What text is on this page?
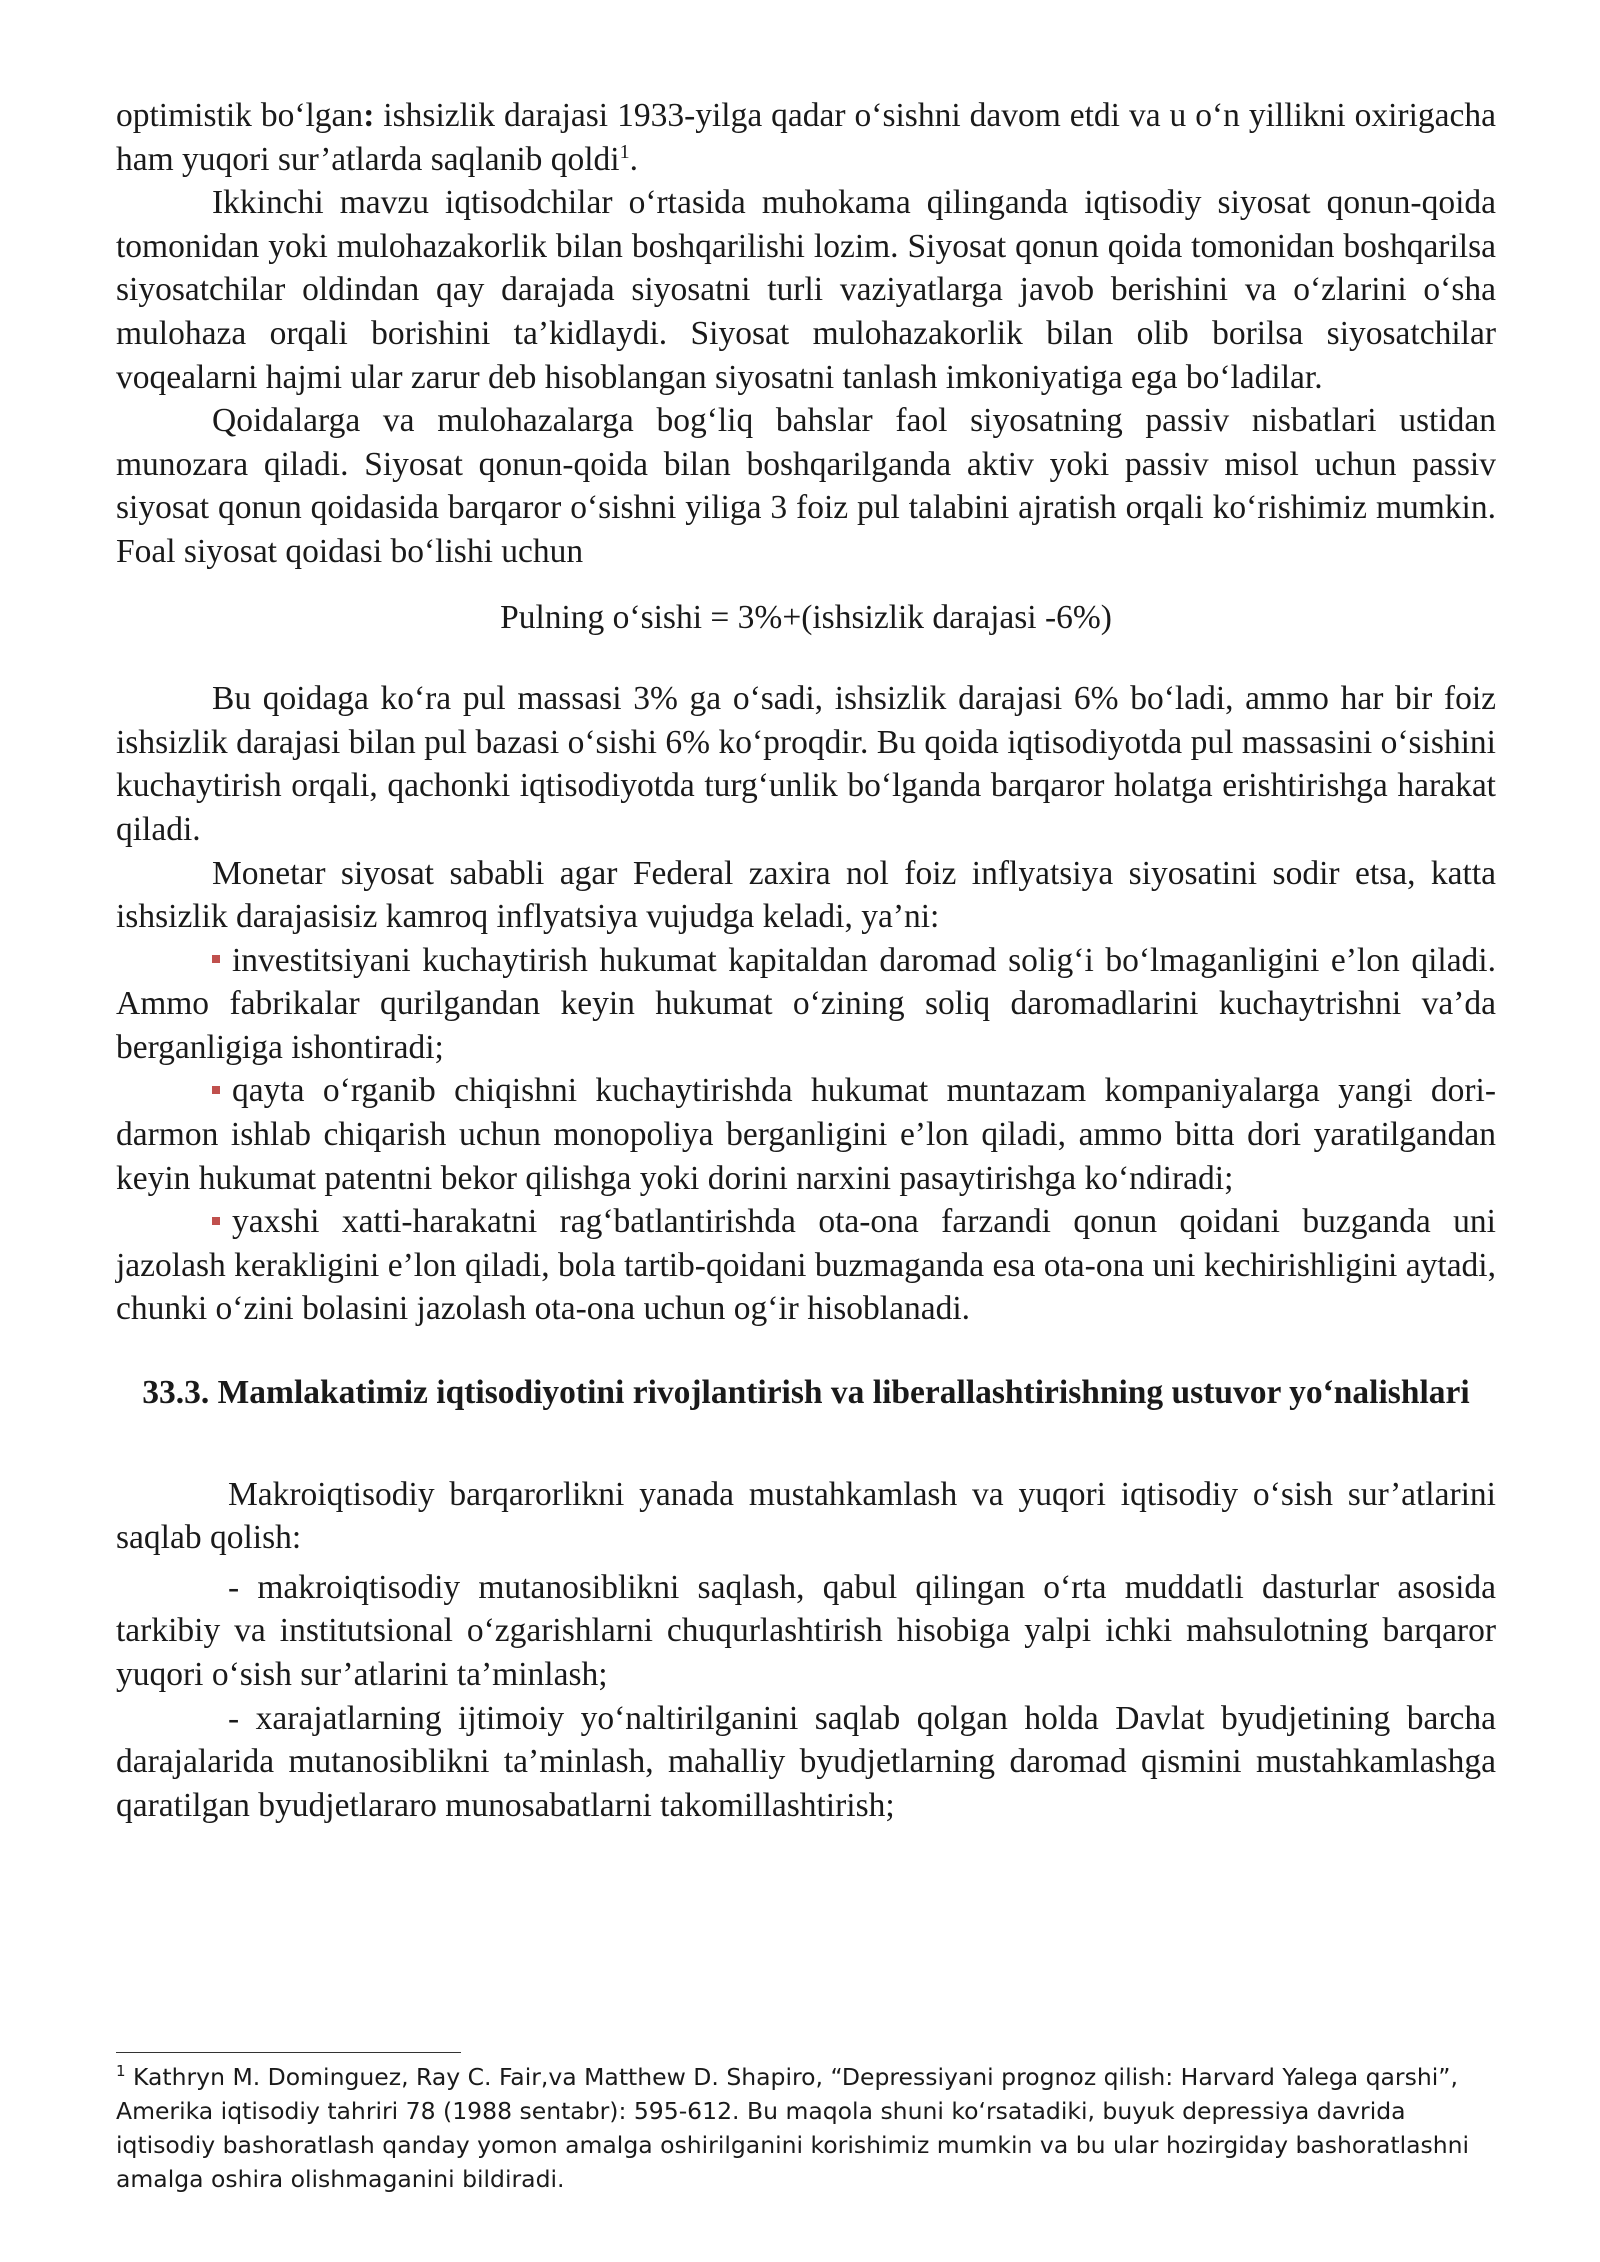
optimistik bo‘lgan: ishsizlik darajasi 1933-yilga qadar o‘sishni davom etdi va u o‘n yillikni oxirigacha ham yuqori sur’atlarda saqlanib qoldi$^1$.

Ikkinchi mavzu iqtisodchilar o‘rtasida muhokama qilinganda iqtisodiy siyosat qonun-qoida tomonidan yoki mulohazakorlik bilan boshqarilishi lozim. Siyosat qonun qoida tomonidan boshqarilsa siyosatchilar oldindan qay darajada siyosatni turli vaziyatlarga javob berishini va o‘zlarini o‘sha mulohaza orqali borishini ta’kidlaydi. Siyosat mulohazakorlik bilan olib borilsa siyosatchilar voqealarni hajmi ular zarur deb hisoblangan siyosatni tanlash imkoniyatiga ega bo‘ladilar.

Qoidalarga va mulohazalarga bog‘liq bahslar faol siyosatning passiv nisbatlari ustidan munozara qiladi. Siyosat qonun-qoida bilan boshqarilganda aktiv yoki passiv misol uchun passiv siyosat qonun qoidasida barqaror o‘sishni yiliga 3 foiz pul talabini ajratish orqali ko‘rishimiz mumkin. Foal siyosat qoidasi bo‘lishi uchun

Pulning o‘sishi = 3%+(ishsizlik darajasi -6%)

Bu qoidaga ko‘ra pul massasi 3% ga o‘sadi, ishsizlik darajasi 6% bo‘ladi, ammo har bir foiz ishsizlik darajasi bilan pul bazasi o‘sishi 6% ko‘proqdir. Bu qoida iqtisodiyotda pul massasini o‘sishini kuchaytirish orqali, qachonki iqtisodiyotda turg‘unlik bo‘lganda barqaror holatga erishtirishga harakat qiladi.

Monetar siyosat sababli agar Federal zaxira nol foiz inflyatsiya siyosatini sodir etsa, katta ishsizlik darajasisiz kamroq inflyatsiya vujudga keladi, ya’ni:

investitsiyani kuchaytirish hukumat kapitaldan daromad solig‘i bo‘lmaganligini e’lon qiladi. Ammo fabrikalar qurilgandan keyin hukumat o‘zining soliq daromadlarini kuchaytrishni va’da berganligiga ishontiradi;

qayta o‘rganib chiqishni kuchaytirishda hukumat muntazam kompaniyalarga yangi dori-darmon ishlab chiqarish uchun monopoliya berganligini e’lon qiladi, ammo bitta dori yaratilgandan keyin hukumat patentni bekor qilishga yoki dorini narxini pasaytirishga ko‘ndiradi;

yaxshi xatti-harakatni rag‘batlantirishda ota-ona farzandi qonun qoidani buzganda uni jazolash kerakligini e’lon qiladi, bola tartib-qoidani buzmaganda esa ota-ona uni kechirishligini aytadi, chunki o‘zini bolasini jazolash ota-ona uchun og‘ir hisoblanadi.

33.3. Mamlakatimiz iqtisodiyotini rivojlantirish va liberallashtirishning ustuvor yo‘nalishlari

Makroiqtisodiy barqarorlikni yanada mustahkamlash va yuqori iqtisodiy o‘sish sur’atlarini saqlab qolish:

- makroiqtisodiy mutanosiblikni saqlash, qabul qilingan o‘rta muddatli dasturlar asosida tarkibiy va institutsional o‘zgarishlarni chuqurlashtirish hisobiga yalpi ichki mahsulotning barqaror yuqori o‘sish sur’atlarini ta’minlash;

- xarajatlarning ijtimoiy yo‘naltirilganini saqlab qolgan holda Davlat byudjetining barcha darajalarida mutanosiblikni ta’minlash, mahalliy byudjetlarning daromad qismini mustahkamlashga qaratilgan byudjetlararo munosabatlarni takomillashtirish;

$^1$ Kathryn M. Dominguez, Ray C. Fair,va Matthew D. Shapiro, “Depressiyani prognoz qilish: Harvard Yalega qarshi”, Amerika iqtisodiy tahriri 78 (1988 sentabr): 595-612. Bu maqola shuni ko‘rsatadiki, buyuk depressiya davrida iqtisodiy bashoratlash qanday yomon amalga oshirilganini korishimiz mumkin va bu ular hozirgiday bashoratlashni amalga oshira olishmaganini bildiradi.
